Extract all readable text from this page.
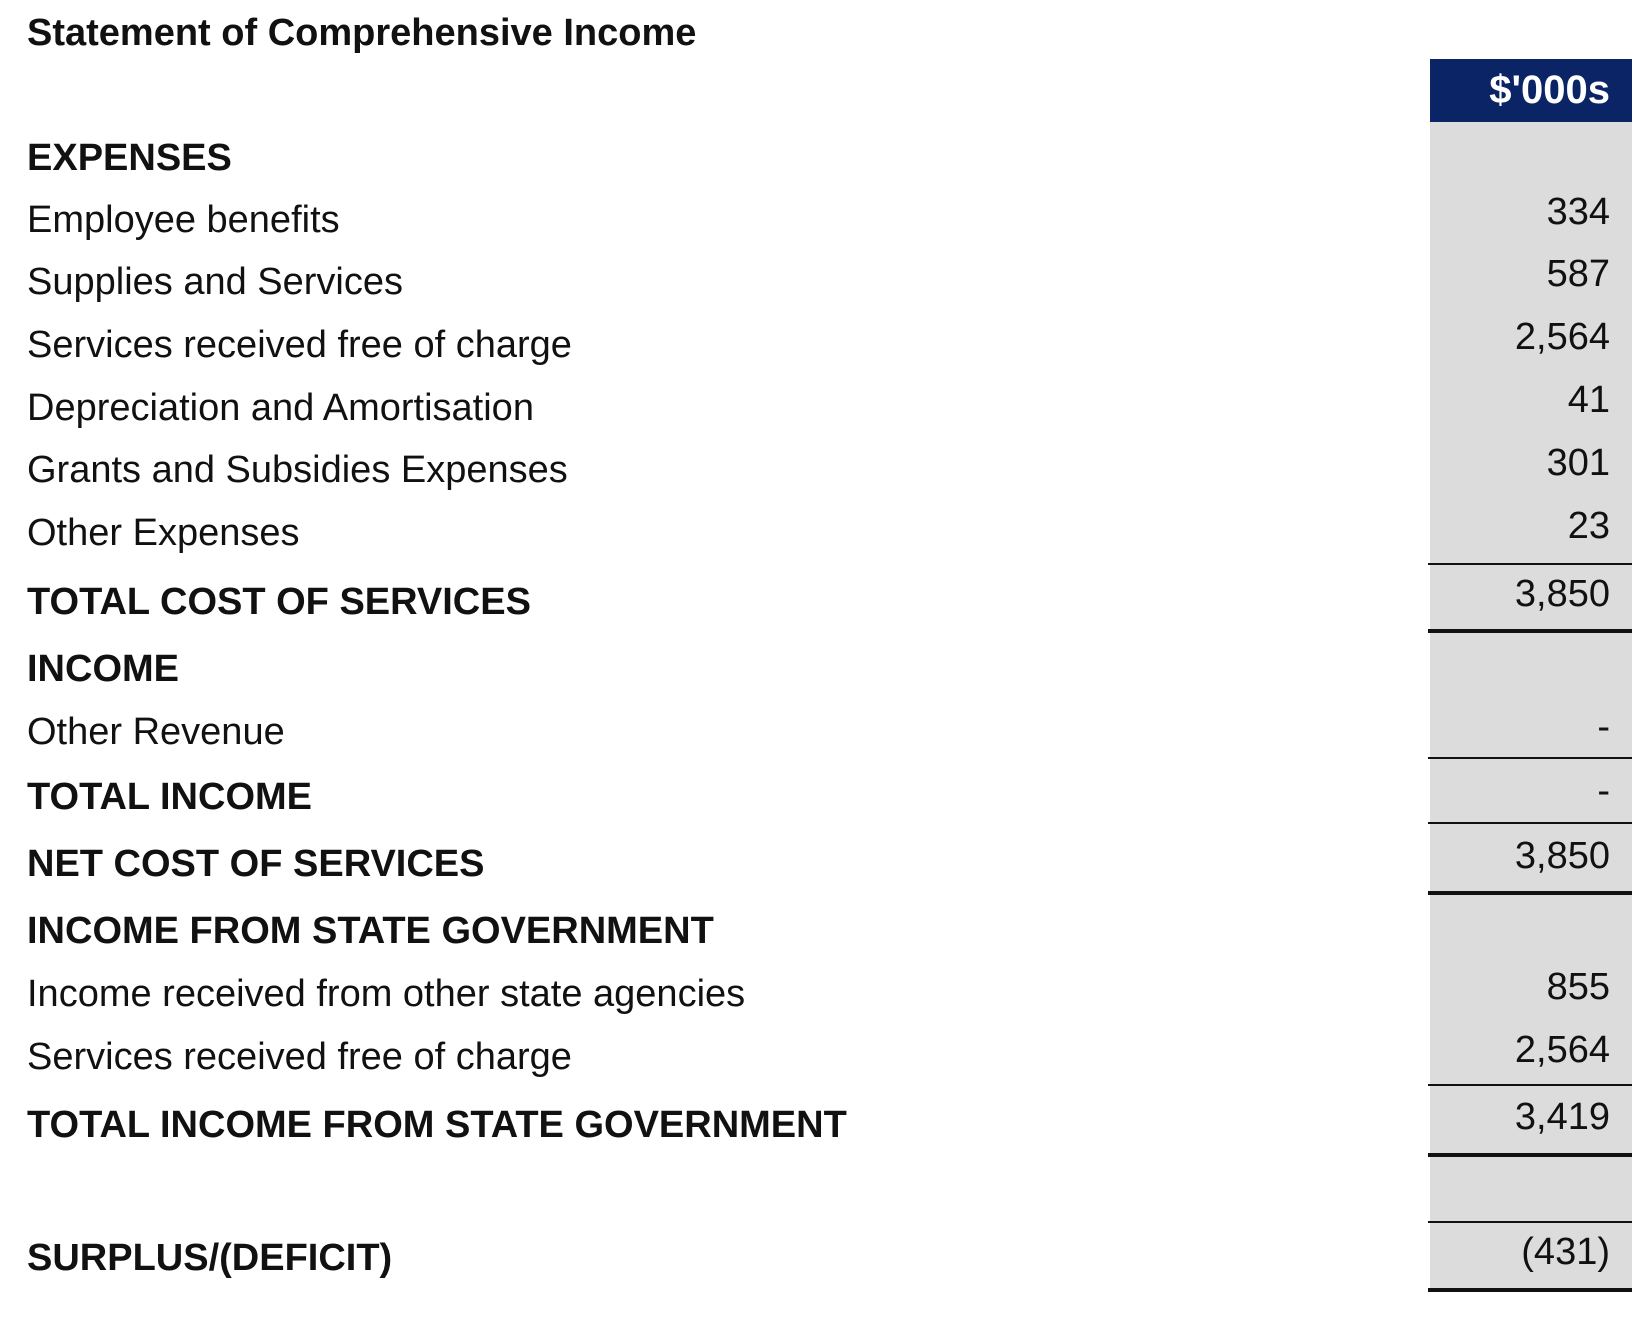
Statement of Comprehensive Income
$'000s
EXPENSES
Employee benefits	334
Supplies and Services	587
Services received free of charge	2,564
Depreciation and Amortisation	41
Grants and Subsidies Expenses	301
Other Expenses	23
TOTAL COST OF SERVICES	3,850
INCOME
Other Revenue	-
TOTAL INCOME	-
NET COST OF SERVICES	3,850
INCOME FROM STATE GOVERNMENT
Income received from other state agencies	855
Services received free of charge	2,564
TOTAL INCOME FROM STATE GOVERNMENT	3,419
SURPLUS/(DEFICIT)	(431)
